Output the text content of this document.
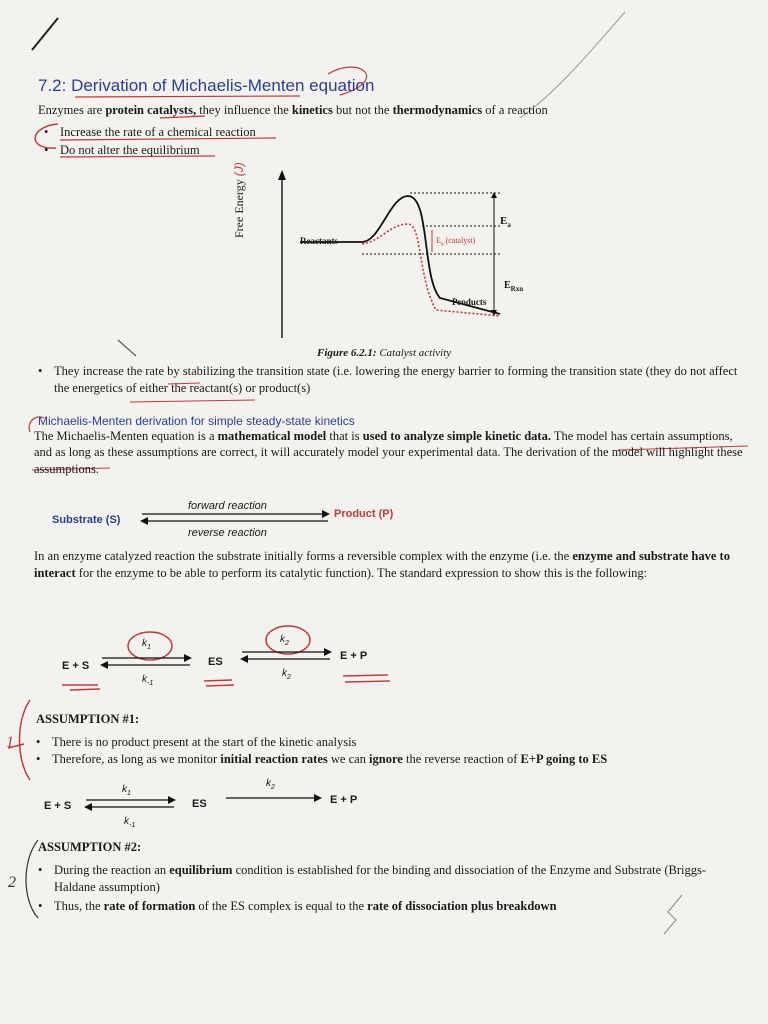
7.2: Derivation of Michaelis-Menten equation
Enzymes are protein catalysts, they influence the kinetics but not the thermodynamics of a reaction
• Increase the rate of a chemical reaction
• Do not alter the equilibrium
Free Energy (J)
Reactants
Products
$E_a$
$E_a$ (catalyst)
$E_{Rxn}$
Figure 6.2.1: Catalyst activity
• They increase the rate by stabilizing the transition state (i.e. lowering the energy barrier to forming the transition state (they do not affect the energetics of either the reactant(s) or product(s)
Michaelis-Menten derivation for simple steady-state kinetics
The Michaelis-Menten equation is a mathematical model that is used to analyze simple kinetic data. The model has certain assumptions, and as long as these assumptions are correct, it will accurately model your experimental data. The derivation of the model will highlight these assumptions.
Substrate (S)	Product (P)
forward reaction
reverse reaction
In an enzyme catalyzed reaction the substrate initially forms a reversible complex with the enzyme (i.e. the enzyme and substrate have to interact for the enzyme to be able to perform its catalytic function). The standard expression to show this is the following:
E + S	ES	E + P
$k_1$
$k_{-1}$
$k_2$
$k_2$
1
ASSUMPTION #1:
• There is no product present at the start of the kinetic analysis
• Therefore, as long as we monitor initial reaction rates we can ignore the reverse reaction of E+P going to ES
E + S	ES	E + P
$k_1$
$k_{-1}$
$k_2$
2
ASSUMPTION #2:
• During the reaction an equilibrium condition is established for the binding and dissociation of the Enzyme and Substrate (Briggs-Haldane assumption)
• Thus, the rate of formation of the ES complex is equal to the rate of dissociation plus breakdown
